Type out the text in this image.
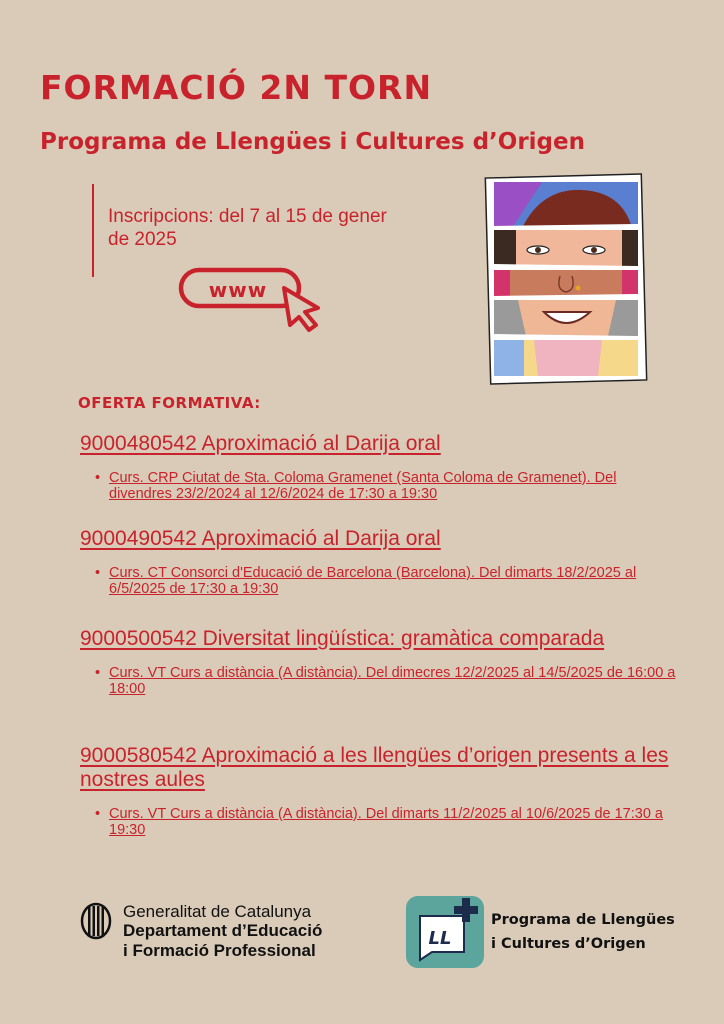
FORMACIÓ 2N TORN
Programa de Llengües i Cultures d’Origen
Inscripcions: del 7 al 15 de gener de 2025
www
OFERTA FORMATIVA:
9000480542 Aproximació al Darija oral
• Curs. CRP Ciutat de Sta. Coloma Gramenet (Santa Coloma de Gramenet). Del divendres 23/2/2024 al 12/6/2024 de 17:30 a 19:30
9000490542 Aproximació al Darija oral
• Curs. CT Consorci d'Educació de Barcelona (Barcelona). Del dimarts 18/2/2025 al 6/5/2025 de 17:30 a 19:30
9000500542 Diversitat lingüística: gramàtica comparada
• Curs. VT Curs a distància (A distància). Del dimecres 12/2/2025 al 14/5/2025 de 16:00 a 18:00
9000580542 Aproximació a les llengües d’origen presents a les nostres aules
• Curs. VT Curs a distància (A distància). Del dimarts 11/2/2025 al 10/6/2025 de 17:30 a 19:30
Generalitat de Catalunya
Departament d’Educació
i Formació Professional
LL
Programa de Llengües
i Cultures d’Origen
